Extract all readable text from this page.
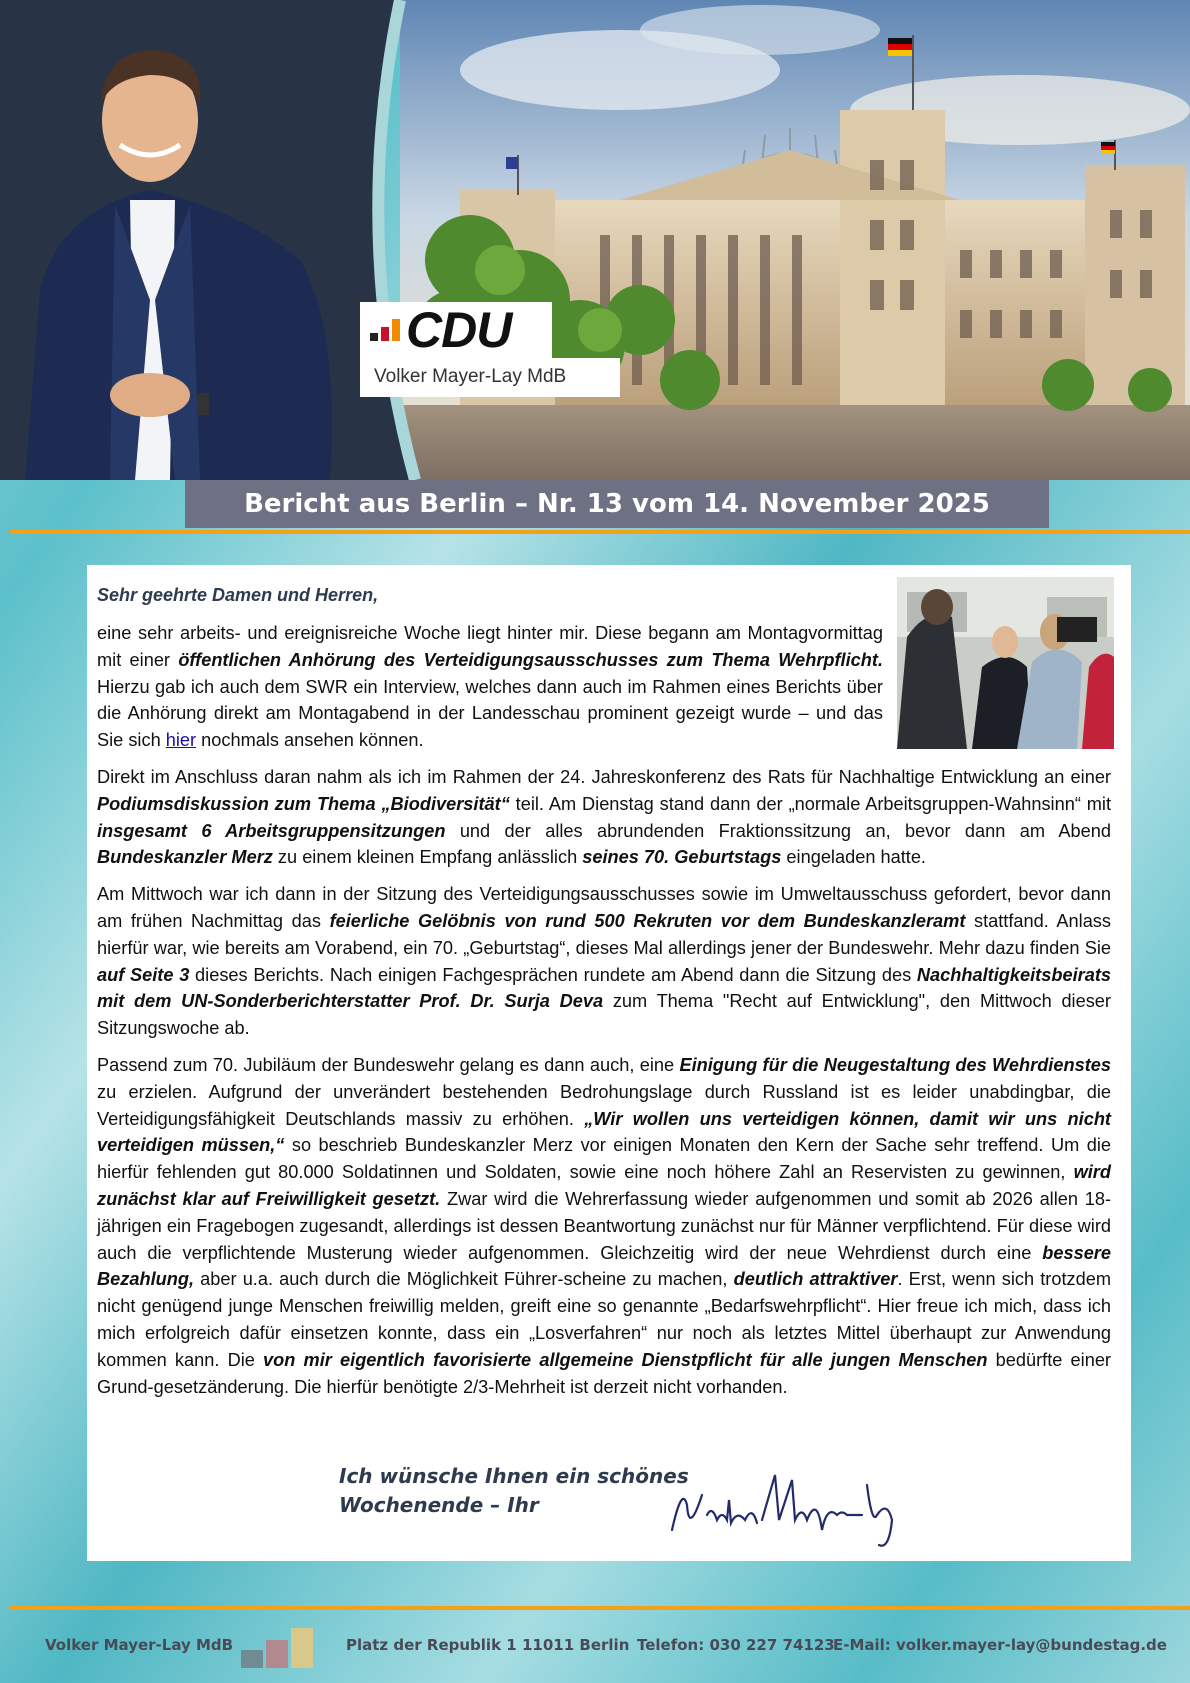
CDU
Volker Mayer-Lay MdB
Bericht aus Berlin – Nr. 13 vom 14. November 2025
Sehr geehrte Damen und Herren,

eine sehr arbeits- und ereignisreiche Woche liegt hinter mir. Diese begann am Montagvormittag mit einer öffentlichen Anhörung des Verteidigungsausschusses zum Thema Wehrpflicht. Hierzu gab ich auch dem SWR ein Interview, welches dann auch im Rahmen eines Berichts über die Anhörung direkt am Montagabend in der Landesschau prominent gezeigt wurde – und das Sie sich hier nochmals ansehen können.

Direkt im Anschluss daran nahm als ich im Rahmen der 24. Jahreskonferenz des Rats für Nachhaltige Entwicklung an einer Podiumsdiskussion zum Thema „Biodiversität“ teil. Am Dienstag stand dann der „normale Arbeitsgruppen-Wahnsinn“ mit insgesamt 6 Arbeitsgruppensitzungen und der alles abrundenden Fraktionssitzung an, bevor dann am Abend Bundeskanzler Merz zu einem kleinen Empfang anlässlich seines 70. Geburtstags eingeladen hatte.

Am Mittwoch war ich dann in der Sitzung des Verteidigungsausschusses sowie im Umweltausschuss gefordert, bevor dann am frühen Nachmittag das feierliche Gelöbnis von rund 500 Rekruten vor dem Bundeskanzleramt stattfand. Anlass hierfür war, wie bereits am Vorabend, ein 70. „Geburtstag“, dieses Mal allerdings jener der Bundeswehr. Mehr dazu finden Sie auf Seite 3 dieses Berichts. Nach einigen Fachgesprächen rundete am Abend dann die Sitzung des Nachhaltigkeitsbeirats mit dem UN-Sonderberichterstatter Prof. Dr. Surja Deva zum Thema "Recht auf Entwicklung", den Mittwoch dieser Sitzungswoche ab.

Passend zum 70. Jubiläum der Bundeswehr gelang es dann auch, eine Einigung für die Neugestaltung des Wehrdienstes zu erzielen. Aufgrund der unverändert bestehenden Bedrohungslage durch Russland ist es leider unabdingbar, die Verteidigungsfähigkeit Deutschlands massiv zu erhöhen. „Wir wollen uns verteidigen können, damit wir uns nicht verteidigen müssen,“ so beschrieb Bundeskanzler Merz vor einigen Monaten den Kern der Sache sehr treffend. Um die hierfür fehlenden gut 80.000 Soldatinnen und Soldaten, sowie eine noch höhere Zahl an Reservisten zu gewinnen, wird zunächst klar auf Freiwilligkeit gesetzt. Zwar wird die Wehrerfassung wieder aufgenommen und somit ab 2026 allen 18-jährigen ein Fragebogen zugesandt, allerdings ist dessen Beantwortung zunächst nur für Männer verpflichtend. Für diese wird auch die verpflichtende Musterung wieder aufgenommen. Gleichzeitig wird der neue Wehrdienst durch eine bessere Bezahlung, aber u.a. auch durch die Möglichkeit Führer-scheine zu machen, deutlich attraktiver. Erst, wenn sich trotzdem nicht genügend junge Menschen freiwillig melden, greift eine so genannte „Bedarfswehrpflicht“. Hier freue ich mich, dass ich mich erfolgreich dafür einsetzen konnte, dass ein „Losverfahren“ nur noch als letztes Mittel überhaupt zur Anwendung kommen kann. Die von mir eigentlich favorisierte allgemeine Dienstpflicht für alle jungen Menschen bedürfte einer Grund-gesetzänderung. Die hierfür benötigte 2/3-Mehrheit ist derzeit nicht vorhanden.

Ich wünsche Ihnen ein schönes
Wochenende – Ihr
Volker Mayer-Lay MdB	Platz der Republik 1 11011 Berlin Telefon: 030 227 74123
E-Mail: volker.mayer-lay@bundestag.de
